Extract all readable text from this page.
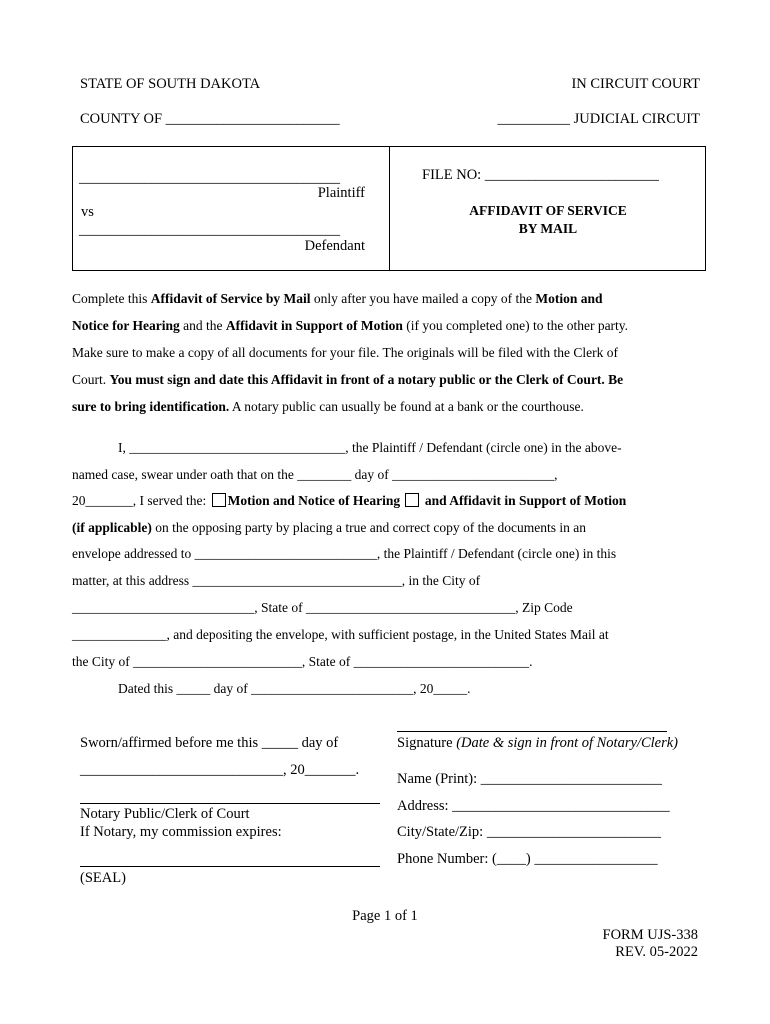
STATE OF SOUTH DAKOTA	IN CIRCUIT COURT
COUNTY OF ________________________	__________ JUDICIAL CIRCUIT
____________________________________
Plaintiff
vs
____________________________________
Defendant
FILE NO: ________________________
AFFIDAVIT OF SERVICE
BY MAIL
Complete this Affidavit of Service by Mail only after you have mailed a copy of the Motion and
Notice for Hearing and the Affidavit in Support of Motion (if you completed one) to the other party.
Make sure to make a copy of all documents for your file. The originals will be filed with the Clerk of
Court. You must sign and date this Affidavit in front of a notary public or the Clerk of Court. Be
sure to bring identification. A notary public can usually be found at a bank or the courthouse.
I, ________________________________, the Plaintiff / Defendant (circle one) in the above-
named case, swear under oath that on the ________ day of ________________________,
20_______, I served the: Motion and Notice of Hearing  and Affidavit in Support of Motion
(if applicable) on the opposing party by placing a true and correct copy of the documents in an
envelope addressed to ___________________________, the Plaintiff / Defendant (circle one) in this
matter, at this address _______________________________, in the City of
___________________________, State of _______________________________, Zip Code
______________, and depositing the envelope, with sufficient postage, in the United States Mail at
the City of _________________________, State of __________________________.
Dated this _____ day of ________________________, 20_____.
Sworn/affirmed before me this _____ day of
____________________________, 20_______.
Notary Public/Clerk of Court
If Notary, my commission expires:
(SEAL)
Signature (Date & sign in front of Notary/Clerk)
Name (Print): _________________________
Address: ______________________________
City/State/Zip: ________________________
Phone Number: (____) _________________
Page 1 of 1
FORM UJS-338
REV. 05-2022
